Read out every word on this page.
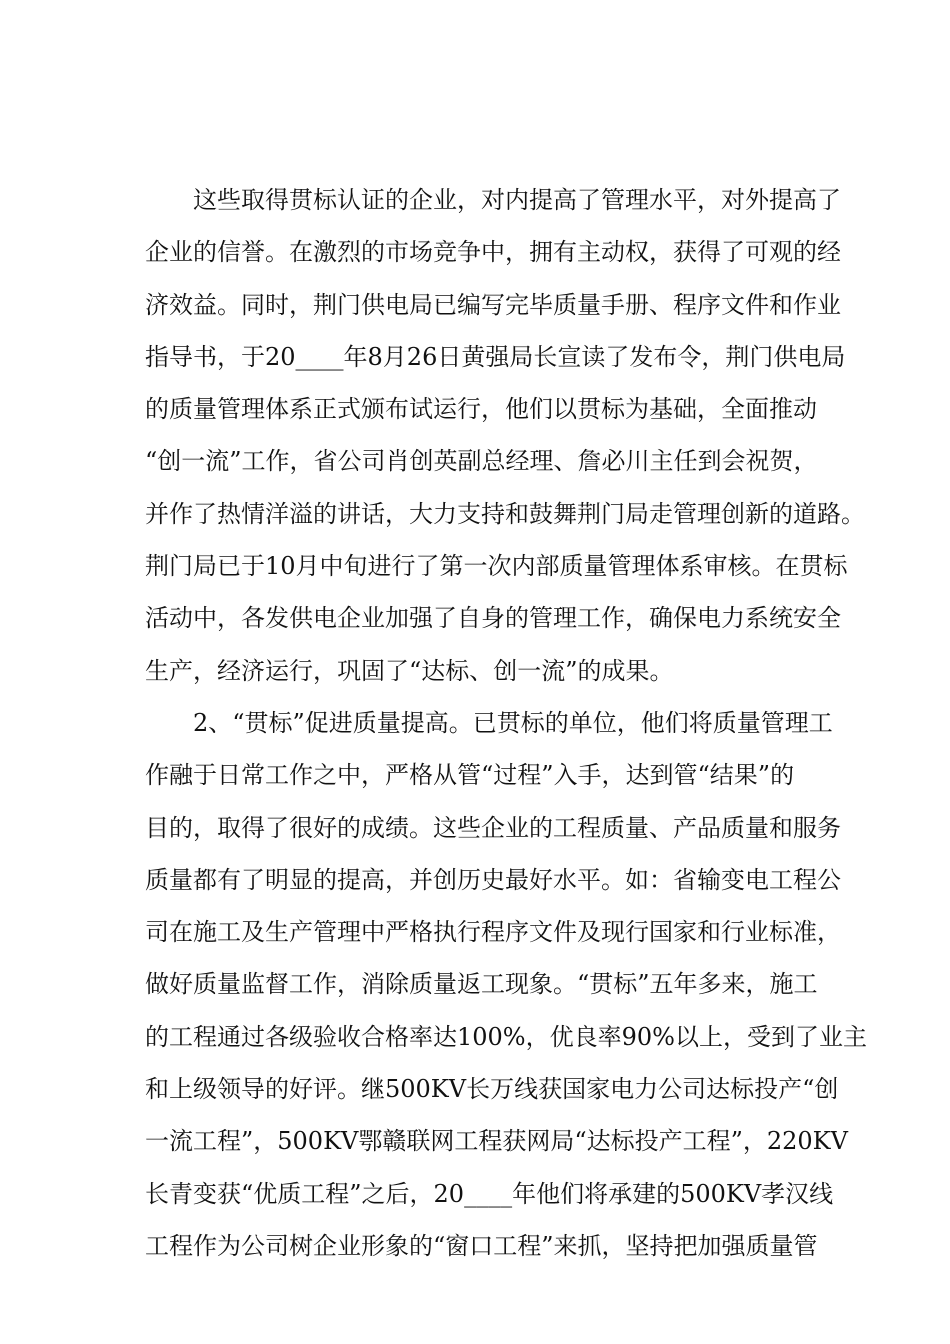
这些取得贯标认证的企业，对内提高了管理水平，对外提高了
企业的信誉。在激烈的市场竞争中，拥有主动权，获得了可观的经
济效益。同时，荆门供电局已编写完毕质量手册、程序文件和作业
指导书，于20____年8月26日黄强局长宣读了发布令，荆门供电局
的质量管理体系正式颁布试运行，他们以贯标为基础，全面推动
“创一流”工作，省公司肖创英副总经理、詹必川主任到会祝贺，
并作了热情洋溢的讲话，大力支持和鼓舞荆门局走管理创新的道路。
荆门局已于10月中旬进行了第一次内部质量管理体系审核。在贯标
活动中，各发供电企业加强了自身的管理工作，确保电力系统安全
生产，经济运行，巩固了“达标、创一流”的成果。
2、“贯标”促进质量提高。已贯标的单位，他们将质量管理工
作融于日常工作之中，严格从管“过程”入手，达到管“结果”的
目的，取得了很好的成绩。这些企业的工程质量、产品质量和服务
质量都有了明显的提高，并创历史最好水平。如：省输变电工程公
司在施工及生产管理中严格执行程序文件及现行国家和行业标准，
做好质量监督工作，消除质量返工现象。“贯标”五年多来，施工
的工程通过各级验收合格率达100%，优良率90%以上，受到了业主
和上级领导的好评。继500KV长万线获国家电力公司达标投产“创
一流工程”，500KV鄂赣联网工程获网局“达标投产工程”，220KV
长青变获“优质工程”之后，20____年他们将承建的500KV孝汉线
工程作为公司树企业形象的“窗口工程”来抓，坚持把加强质量管
